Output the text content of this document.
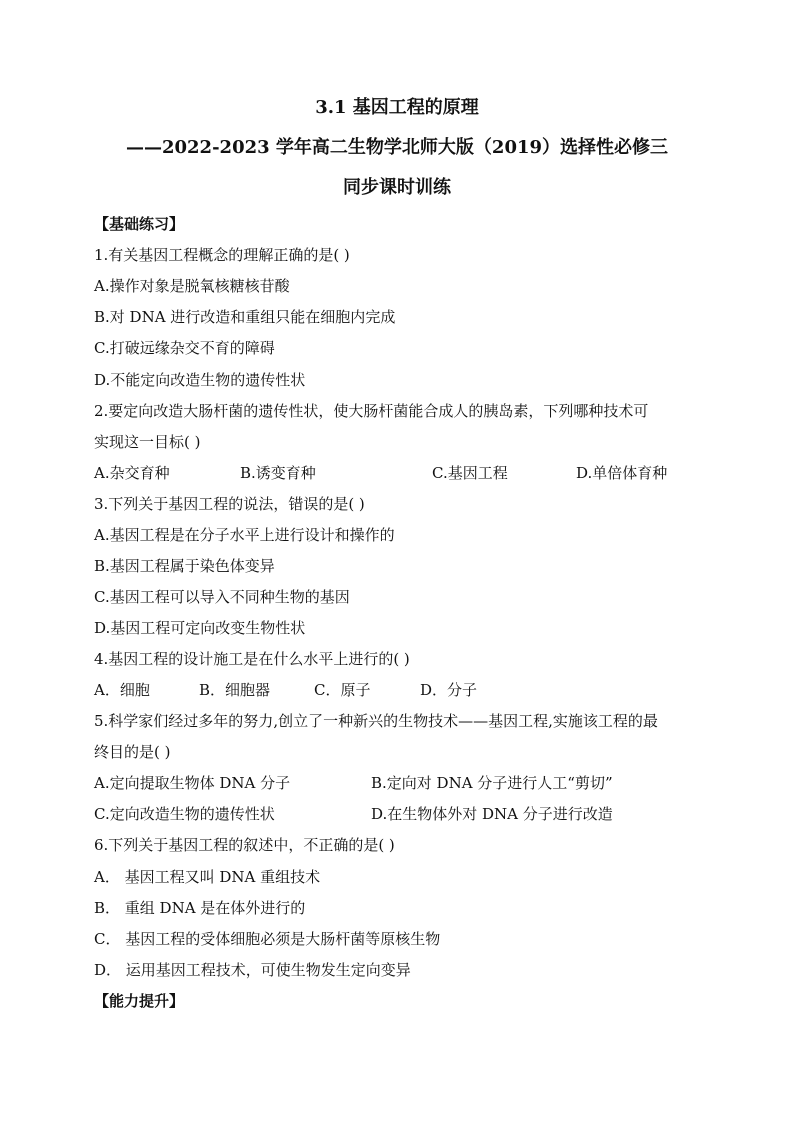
3.1 基因工程的原理
——2022-2023 学年高二生物学北师大版（2019）选择性必修三
同步课时训练
【基础练习】
1.有关基因工程概念的理解正确的是( )
A.操作对象是脱氧核糖核苷酸
B.对 DNA 进行改造和重组只能在细胞内完成
C.打破远缘杂交不育的障碍
D.不能定向改造生物的遗传性状
2.要定向改造大肠杆菌的遗传性状，使大肠杆菌能合成人的胰岛素，下列哪种技术可
实现这一目标( )
A.杂交育种	B.诱变育种	C.基因工程	D.单倍体育种
3.下列关于基因工程的说法，错误的是( )
A.基因工程是在分子水平上进行设计和操作的
B.基因工程属于染色体变异
C.基因工程可以导入不同种生物的基因
D.基因工程可定向改变生物性状
4.基因工程的设计施工是在什么水平上进行的( )
A．细胞	B．细胞器	C．原子	D．分子
5.科学家们经过多年的努力,创立了一种新兴的生物技术——基因工程,实施该工程的最
终目的是( )
A.定向提取生物体 DNA 分子	B.定向对 DNA 分子进行人工“剪切”
C.定向改造生物的遗传性状	D.在生物体外对 DNA 分子进行改造
6.下列关于基因工程的叙述中，不正确的是( )
A． 基因工程又叫 DNA 重组技术
B． 重组 DNA 是在体外进行的
C． 基因工程的受体细胞必须是大肠杆菌等原核生物
D． 运用基因工程技术，可使生物发生定向变异
【能力提升】
